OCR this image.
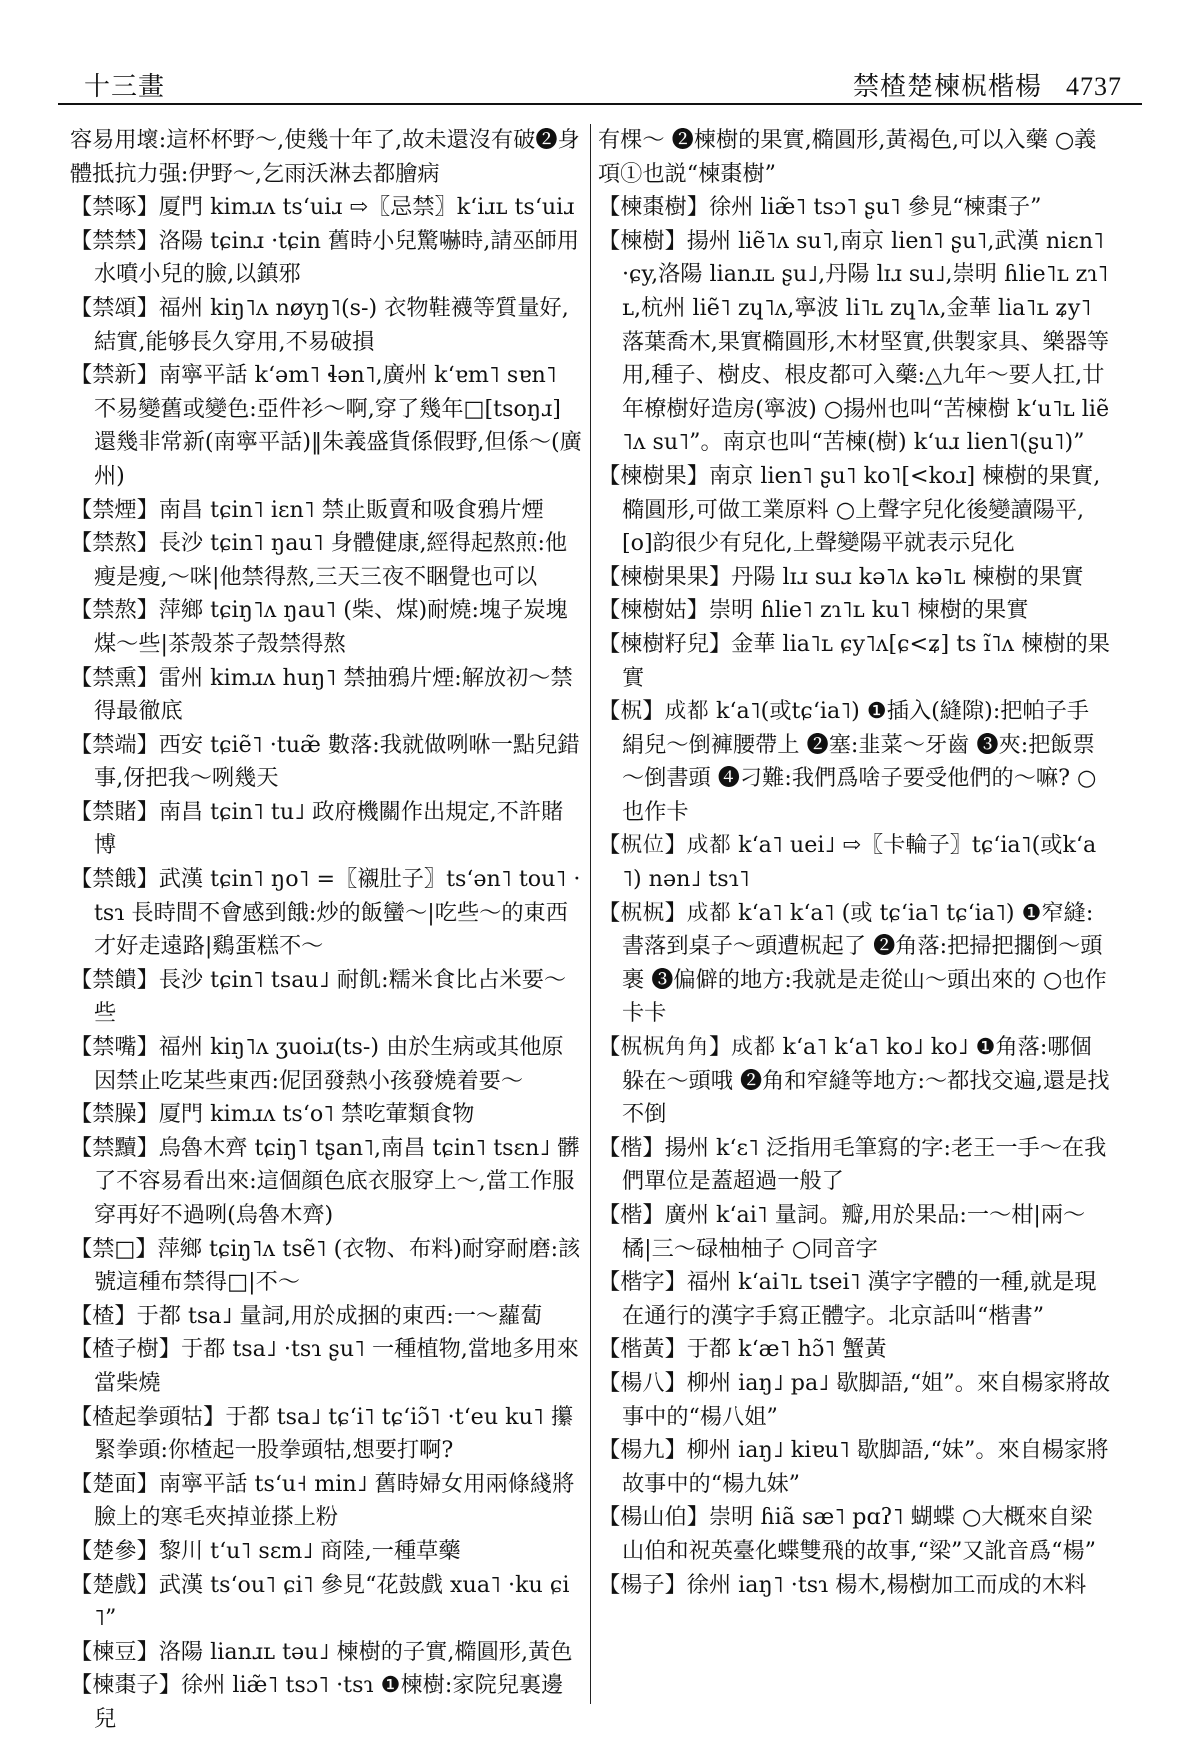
十三畫	禁楂楚楝𣐊楷楊 4737

容易用壞:這杯杯野～,使幾十年了,故未還沒有破❷身體抵抗力强:伊野～,乞雨沃淋去都膾病

【 禁啄 】 厦門 kimɹʌ tsʻuiɹ ⇨〖忌禁〗kʻiɹʟ tsʻuiɹ

【 禁禁 】 洛陽 tɕinɹ ·tɕin 舊時小兒驚嚇時,請巫師用水噴小兒的臉,以鎮邪

【 禁頌 】 福州 kiŋ˥ʌ nøyŋ˥(s-) 衣物鞋襪等質量好,結實,能够長久穿用,不易破損

【 禁新 】 南寧平話 kʻəm˥ ɬən˥,廣州 kʻɐm˥ sɐn˥ 不易變舊或變色:亞件衫～啊,穿了幾年□[tsoŋɹ]還幾非常新(南寧平話)‖朱義盛貨係假野,但係～(廣州)

【 禁煙 】 南昌 tɕin˥ iɛn˥ 禁止販賣和吸食鴉片煙

【 禁熬 】 長沙 tɕin˥ ŋau˥ 身體健康,經得起熬煎:他瘦是瘦,～咪|他禁得熬,三天三夜不睏覺也可以

【 禁熬 】 萍鄉 tɕiŋ˥ʌ ŋau˥ (柴、煤)耐燒:塊子炭塊煤～些|茶殼茶子殼禁得熬

【 禁熏 】 雷州 kimɹʌ huŋ˥ 禁抽鴉片煙:解放初～禁得最徹底

【 禁端 】 西安 tɕiẽ˥ ·tuæ̃ 數落:我就做咧咻一點兒錯事,伢把我～咧幾天

【 禁賭 】 南昌 tɕin˥ tu˩ 政府機關作出規定,不許賭博

【 禁餓 】 武漢 tɕin˥ ŋo˥ =〖襯肚子〗tsʻən˥ tou˥ ·tsɿ 長時間不會感到餓:炒的飯蠻～|吃些～的東西才好走遠路|鷄蛋糕不～

【 禁饋 】 長沙 tɕin˥ tsau˩ 耐飢:糯米食比占米要～些

【 禁嘴 】 福州 kiŋ˥ʌ ʒuoiɹ(ts-) 由於生病或其他原因禁止吃某些東西:伲囝發熱小孩發燒着要～

【 禁臊 】 厦門 kimɹʌ tsʻo˥ 禁吃葷類食物

【 禁黷 】 烏魯木齊 tɕiŋ˥ tʂan˥,南昌 tɕin˥ tsɛn˩ 髒了不容易看出來:這個顔色底衣服穿上～,當工作服穿再好不過咧(烏魯木齊)

【 禁□ 】 萍鄉 tɕiŋ˥ʌ tsẽ˥ (衣物、布料)耐穿耐磨:該號這種布禁得□|不～

【 楂 】 于都 tsa˩ 量詞,用於成捆的東西:一～蘿蔔

【 楂子樹 】 于都 tsa˩ ·tsɿ ʂu˥ 一種植物,當地多用來當柴燒

【 楂起拳頭牯 】 于都 tsa˩ tɕʻi˥ tɕʻiɔ̃˥ ·tʻeu ku˥ 攥緊拳頭:你楂起一股拳頭牯,想要打啊?

【 楚面 】 南寧平話 tsʻu˧ min˩ 舊時婦女用兩條綫將臉上的寒毛夾掉並搽上粉

【 楚參 】 黎川 tʻu˥ sɛm˩ 商陸,一種草藥

【 楚戲 】 武漢 tsʻou˥ ɕi˥ 參見“花鼓戲 xua˥ ·ku ɕi˥”

【 楝豆 】 洛陽 lianɹʟ tәu˩ 楝樹的子實,橢圓形,黃色

【 楝棗子 】 徐州 liæ̃˥ tsɔ˥ ·tsɿ ❶楝樹:家院兒裏邊兒

有棵～ ❷楝樹的果實,橢圓形,黃褐色,可以入藥 ○義項①也説“楝棗樹”

【 楝棗樹 】 徐州 liæ̃˥ tsɔ˥ ʂu˥ 參見“楝棗子”

【 楝樹 】 揚州 liẽ˥ʌ su˥,南京 lien˥ ʂu˥,武漢 niɛn˥ ·ɕy,洛陽 lianɹʟ ʂu˩,丹陽 lɪɹ su˩,崇明 ɦlie˥ʟ zɿ˥ʟ,杭州 liẽ˥ zɥ˥ʌ,寧波 li˥ʟ zɥ˥ʌ,金華 lia˥ʟ ʑy˥ 落葉喬木,果實橢圓形,木材堅實,供製家具、樂器等用,種子、樹皮、根皮都可入藥:△九年～要人扛,廿年橑樹好造房(寧波) ○揚州也叫“苦楝樹 kʻu˥ʟ liẽ˥ʌ su˥”。南京也叫“苦楝(樹) kʻuɹ lien˥(ʂu˥)”

【 楝樹果 】 南京 lien˥ ʂu˥ ko˥[<koɹ] 楝樹的果實,橢圓形,可做工業原料 ○上聲字兒化後變讀陽平,[o]韵很少有兒化,上聲變陽平就表示兒化

【 楝樹果果 】 丹陽 lɪɹ suɹ kə˥ʌ kə˥ʟ 楝樹的果實

【 楝樹姑 】 崇明 ɦlie˥ zɿ˥ʟ ku˥ 楝樹的果實

【 楝樹籽兒 】 金華 lia˥ʟ ɕy˥ʌ[ɕ<ʑ] ts ĩ˥ʌ 楝樹的果實

【 𣐊 】 成都 kʻa˥(或tɕʻia˥) ❶插入(縫隙):把帕子手絹兒～倒褲腰帶上 ❷塞:韭菜～牙齒 ❸夾:把飯票～倒書頭 ❹刁難:我們爲啥子要受他們的～嘛? ○也作卡

【 𣐊位 】 成都 kʻa˥ uei˩ ⇨〖卡輪子〗tɕʻia˥(或kʻa˥) nən˩ tsɿ˥

【 𣐊𣐊 】 成都 kʻa˥ kʻa˥ (或 tɕʻia˥ tɕʻia˥) ❶窄縫:書落到桌子～頭遭𣐊起了 ❷角落:把掃把擱倒～頭裹 ❸偏僻的地方:我就是走從山～頭出來的 ○也作卡卡

【 𣐊𣐊角角 】 成都 kʻa˥ kʻa˥ ko˩ ko˩ ❶角落:哪個躲在～頭哦 ❷角和窄縫等地方:～都找交遍,還是找不倒

【 楷 】 揚州 kʻɛ˥ 泛指用毛筆寫的字:老王一手～在我們單位是蓋超過一般了

【 楷 】 廣州 kʻai˥ 量詞。瓣,用於果品:一～柑|兩～橘|三～碌柚柚子 ○同音字

【 楷字 】 福州 kʻai˥ʟ tsei˥ 漢字字體的一種,就是現在通行的漢字手寫正體字。北京話叫“楷書”

【 楷黃 】 于都 kʻæ˥ hɔ̃˥ 蟹黃

【 楊八 】 柳州 iaŋ˩ pa˩ 歇脚語,“姐”。來自楊家將故事中的“楊八姐”

【 楊九 】 柳州 iaŋ˩ kiɐu˥ 歇脚語,“妹”。來自楊家將故事中的“楊九妹”

【 楊山伯 】 崇明 ɦiã sæ˥ pɑʔ˥ 蝴蝶 ○大概來自梁山伯和祝英臺化蝶雙飛的故事,“梁”又訛音爲“楊”

【 楊子 】 徐州 iaŋ˥ ·tsɿ 楊木,楊樹加工而成的木料
